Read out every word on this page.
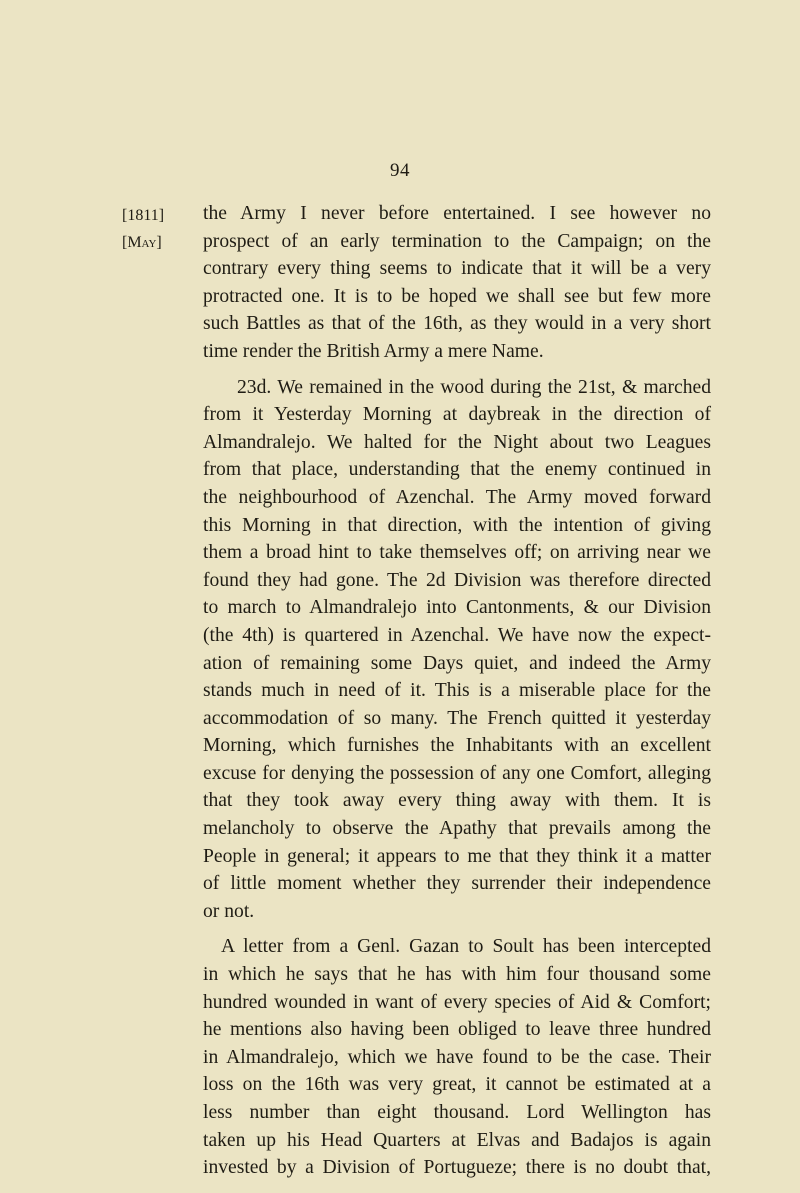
94
[1811]
[May]
the Army I never before entertained. I see however no
prospect of an early termination to the Campaign; on the
contrary every thing seems to indicate that it will be a very
protracted one. It is to be hoped we shall see but few more
such Battles as that of the 16th, as they would in a very short
time render the British Army a mere Name.
23d. We remained in the wood during the 21st, & marched
from it Yesterday Morning at daybreak in the direction of
Almandralejo. We halted for the Night about two Leagues
from that place, understanding that the enemy continued in
the neighbourhood of Azenchal. The Army moved forward
this Morning in that direction, with the intention of giving
them a broad hint to take themselves off; on arriving near we
found they had gone. The 2d Division was therefore directed
to march to Almandralejo into Cantonments, & our Division
(the 4th) is quartered in Azenchal. We have now the expect-
ation of remaining some Days quiet, and indeed the Army
stands much in need of it. This is a miserable place for the
accommodation of so many. The French quitted it yesterday
Morning, which furnishes the Inhabitants with an excellent
excuse for denying the possession of any one Comfort, alleging
that they took away every thing away with them. It is
melancholy to observe the Apathy that prevails among the
People in general; it appears to me that they think it a matter
of little moment whether they surrender their independence
or not.
A letter from a Genl. Gazan to Soult has been intercepted
in which he says that he has with him four thousand some
hundred wounded in want of every species of Aid & Comfort;
he mentions also having been obliged to leave three hundred
in Almandralejo, which we have found to be the case. Their
loss on the 16th was very great, it cannot be estimated at a
less number than eight thousand. Lord Wellington has
taken up his Head Quarters at Elvas and Badajos is again
invested by a Division of Portugueze; there is no doubt that,
